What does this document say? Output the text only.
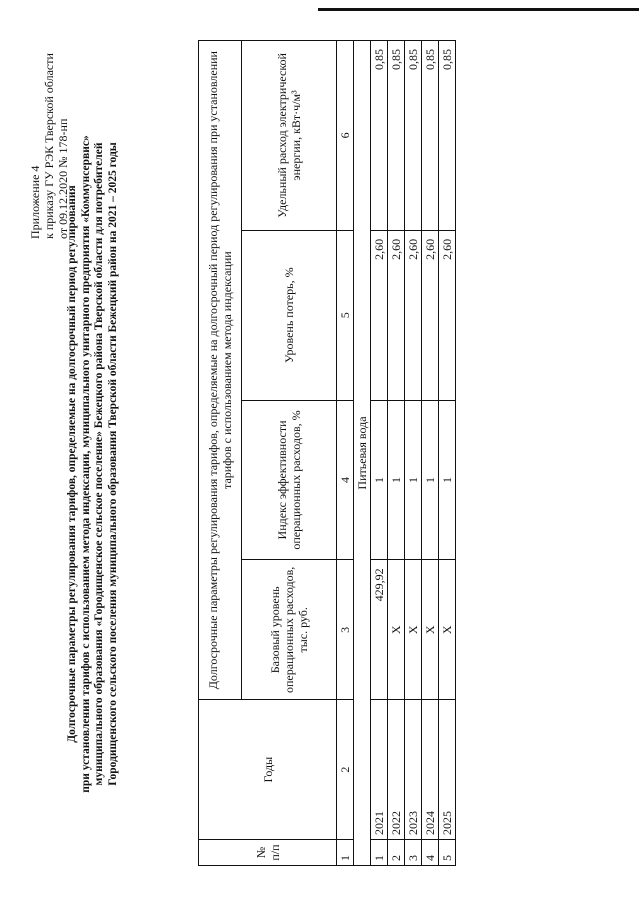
Приложение 4 к приказу ГУ РЭК Тверской области от 09.12.2020 № 178-нп
Долгосрочные параметры регулирования тарифов, определяемые на долгосрочный период регулирования при установлении тарифов с использованием метода индексации, муниципального унитарного предприятия «Коммунсервис» муниципального образования «Городищенское сельское поселение» Бежецкого района Тверской области для потребителей Городищенского сельского поселения муниципального образования Тверской области Бежецкий район на 2021 – 2025 годы
№ п/п	Годы	Долгосрочные параметры регулирования тарифов, определяемые на долгосрочный период регулирования при установлении тарифов с использованием метода индексации			
		Базовый уровень операционных расходов, тыс. руб.	Индекс эффективности операционных расходов, %	Уровень потерь, %	Удельный расход электрической энергии, кВт·ч/м³
1	2	3	4	5	6
Питьевая вода					
1	2021	429,92	1	2,60	0,85
2	2022	X	1	2,60	0,85
3	2023	X	1	2,60	0,85
4	2024	X	1	2,60	0,85
5	2025	X	1	2,60	0,85
